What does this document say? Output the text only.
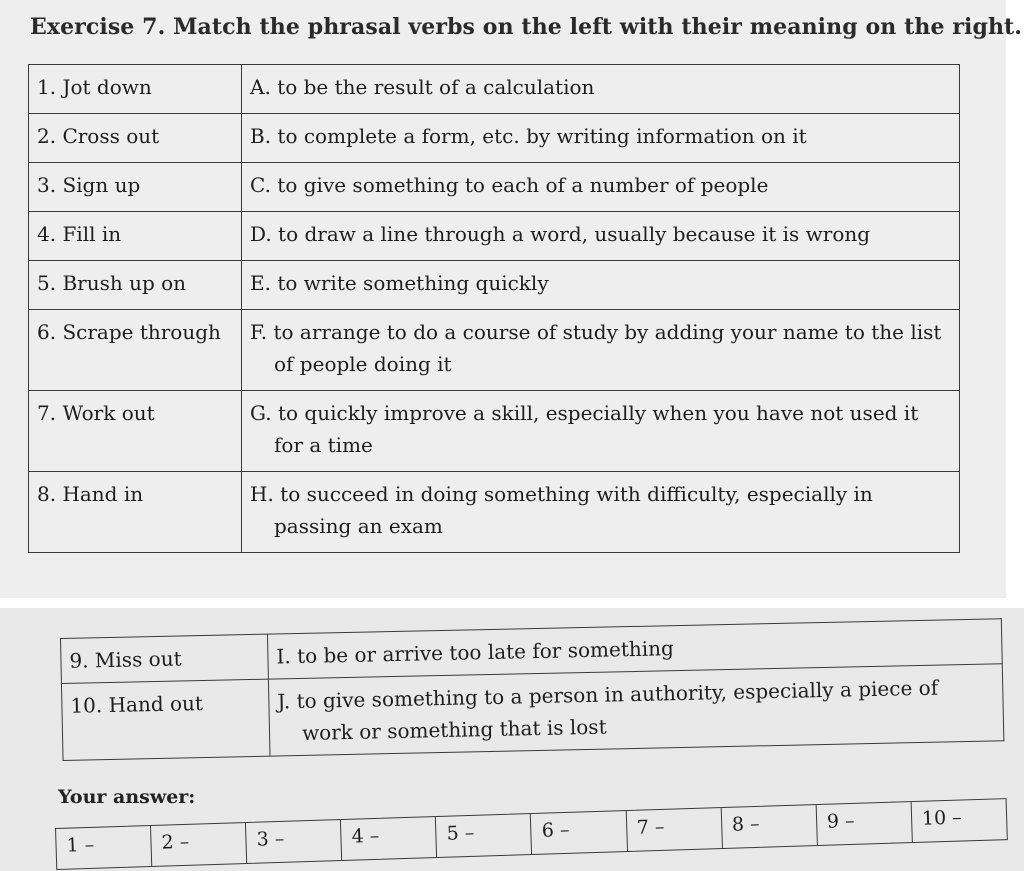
Exercise 7. Match the phrasal verbs on the left with their meaning on the right.
1. Jot down	A. to be the result of a calculation
2. Cross out	B. to complete a form, etc. by writing information on it
3. Sign up	C. to give something to each of a number of people
4. Fill in	D. to draw a line through a word, usually because it is wrong
5. Brush up on	E. to write something quickly
6. Scrape through	F. to arrange to do a course of study by adding your name to the list of people doing it

7. Work out	G. to quickly improve a skill, especially when you have not used it for a time

8. Hand in	H. to succeed in doing something with difficulty, especially in passing an exam
9. Miss out	I. to be or arrive too late for something
10. Hand out	J. to give something to a person in authority, especially a piece of work or something that is lost
Your answer:
1 –	2 –	3 –	4 –	5 –	6 –	7 –	8 –	9 –	10 –
